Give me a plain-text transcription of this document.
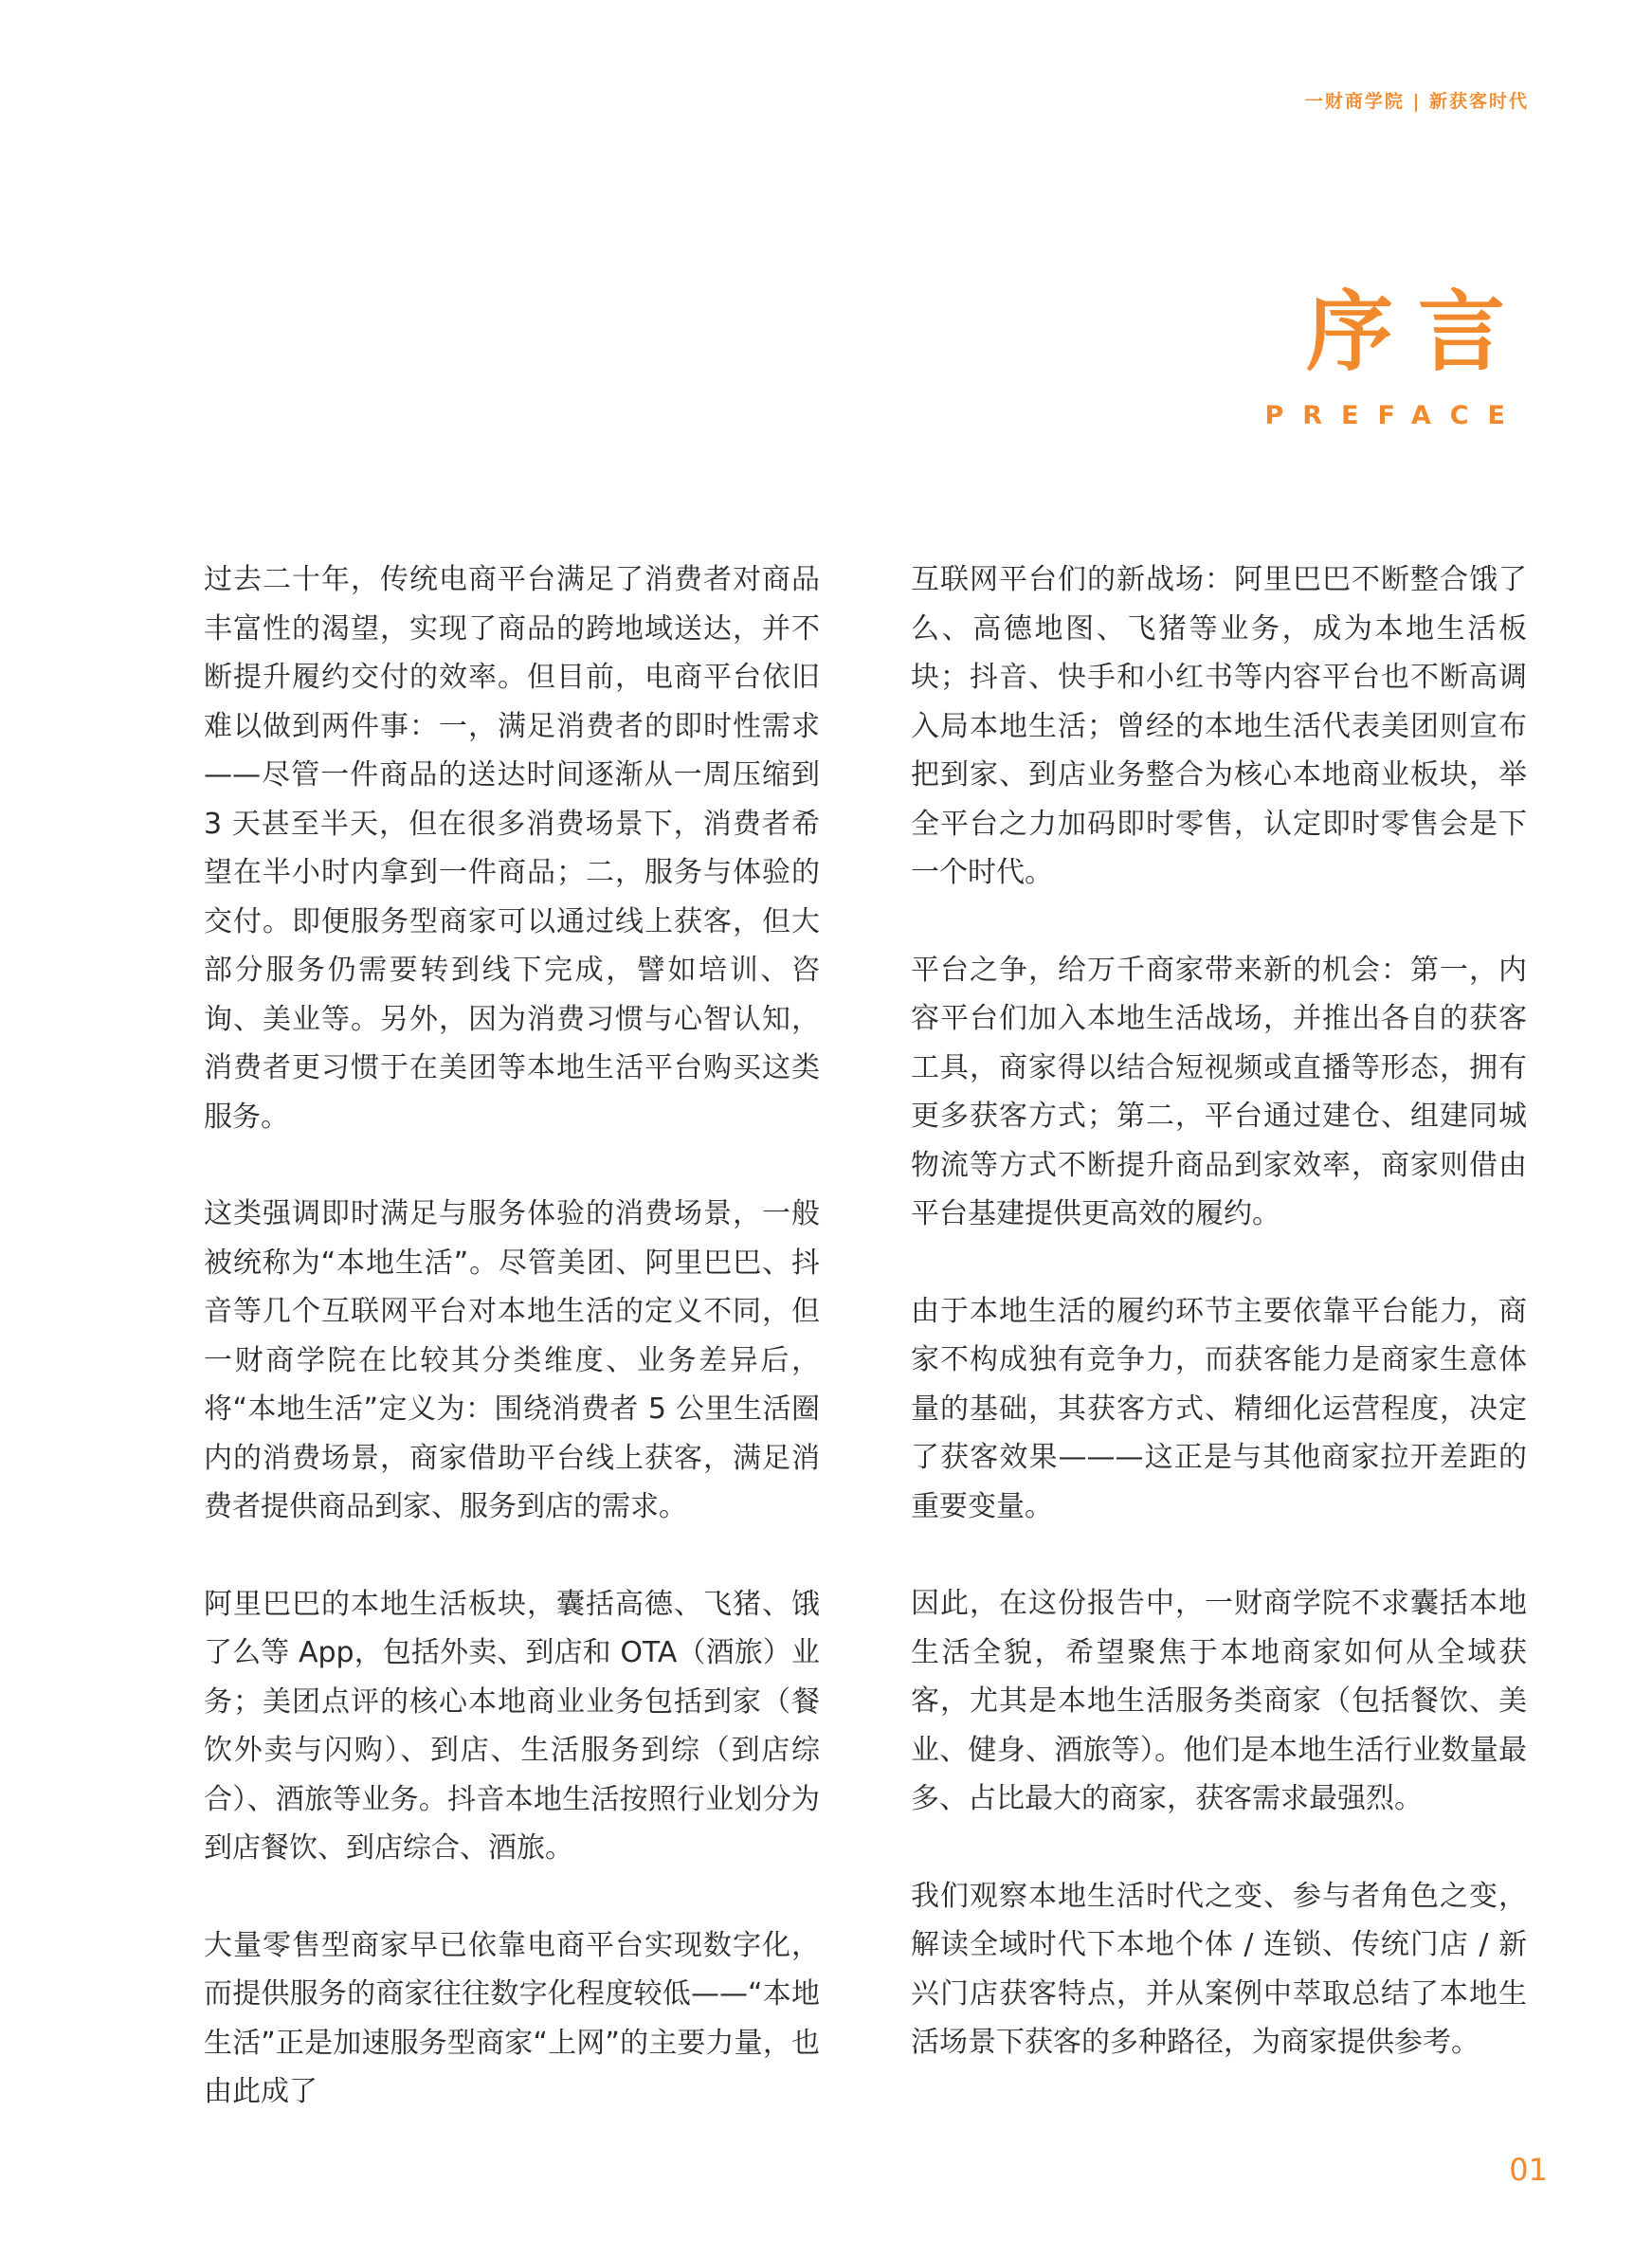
一财商学院 | 新获客时代
序言
PREFACE

过去二十年，传统电商平台满足了消费者对商品丰富性的渴望，实现了商品的跨地域送达，并不断提升履约交付的效率。但目前，电商平台依旧难以做到两件事：一，满足消费者的即时性需求——尽管一件商品的送达时间逐渐从一周压缩到 3 天甚至半天，但在很多消费场景下，消费者希望在半小时内拿到一件商品；二，服务与体验的交付。即便服务型商家可以通过线上获客，但大部分服务仍需要转到线下完成，譬如培训、咨询、美业等。另外，因为消费习惯与心智认知，消费者更习惯于在美团等本地生活平台购买这类服务。

这类强调即时满足与服务体验的消费场景，一般被统称为“本地生活”。尽管美团、阿里巴巴、抖音等几个互联网平台对本地生活的定义不同，但一财商学院在比较其分类维度、业务差异后，将“本地生活”定义为：围绕消费者 5 公里生活圈内的消费场景，商家借助平台线上获客，满足消费者提供商品到家、服务到店的需求。

阿里巴巴的本地生活板块，囊括高德、飞猪、饿了么等 App，包括外卖、到店和 OTA（酒旅）业务；美团点评的核心本地商业业务包括到家（餐饮外卖与闪购）、到店、生活服务到综（到店综合）、酒旅等业务。抖音本地生活按照行业划分为到店餐饮、到店综合、酒旅。

大量零售型商家早已依靠电商平台实现数字化，而提供服务的商家往往数字化程度较低——“本地生活”正是加速服务型商家“上网”的主要力量，也由此成了

互联网平台们的新战场：阿里巴巴不断整合饿了么、高德地图、飞猪等业务，成为本地生活板块；抖音、快手和小红书等内容平台也不断高调入局本地生活；曾经的本地生活代表美团则宣布把到家、到店业务整合为核心本地商业板块，举全平台之力加码即时零售，认定即时零售会是下一个时代。

平台之争，给万千商家带来新的机会：第一，内容平台们加入本地生活战场，并推出各自的获客工具，商家得以结合短视频或直播等形态，拥有更多获客方式；第二，平台通过建仓、组建同城物流等方式不断提升商品到家效率，商家则借由平台基建提供更高效的履约。

由于本地生活的履约环节主要依靠平台能力，商家不构成独有竞争力，而获客能力是商家生意体量的基础，其获客方式、精细化运营程度，决定了获客效果———这正是与其他商家拉开差距的重要变量。

因此，在这份报告中，一财商学院不求囊括本地生活全貌，希望聚焦于本地商家如何从全域获客，尤其是本地生活服务类商家（包括餐饮、美业、健身、酒旅等）。他们是本地生活行业数量最多、占比最大的商家，获客需求最强烈。

我们观察本地生活时代之变、参与者角色之变，解读全域时代下本地个体 / 连锁、传统门店 / 新兴门店获客特点，并从案例中萃取总结了本地生活场景下获客的多种路径，为商家提供参考。

01
